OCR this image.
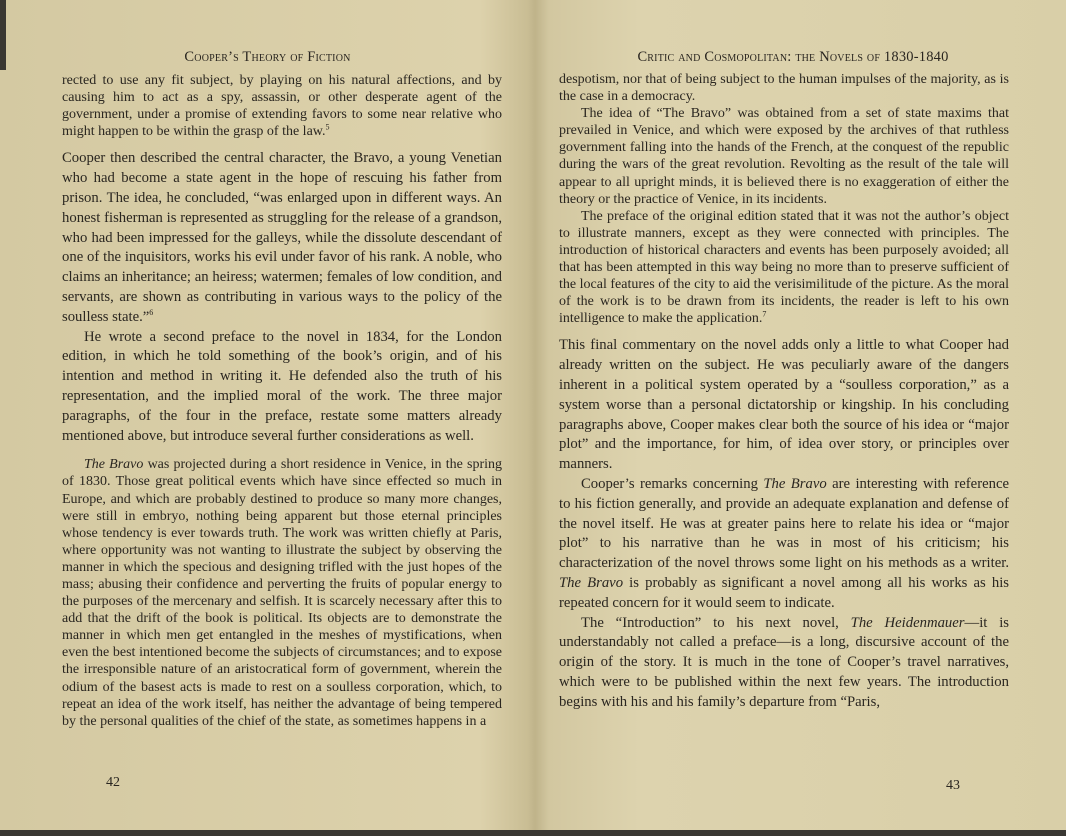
Cooper’s Theory of Fiction

rected to use any fit subject, by playing on his natural affections, and by causing him to act as a spy, assassin, or other desperate agent of the government, under a promise of extending favors to some near relative who might happen to be within the grasp of the law.$^5$

Cooper then described the central character, the Bravo, a young Venetian who had become a state agent in the hope of rescuing his father from prison. The idea, he concluded, “was enlarged upon in different ways. An honest fisherman is represented as struggling for the release of a grandson, who had been impressed for the galleys, while the dissolute descendant of one of the inquisitors, works his evil under favor of his rank. A noble, who claims an inheritance; an heiress; watermen; females of low condition, and servants, are shown as contributing in various ways to the policy of the soulless state.”$^6$

He wrote a second preface to the novel in 1834, for the London edition, in which he told something of the book’s origin, and of his intention and method in writing it. He defended also the truth of his representation, and the implied moral of the work. The three major paragraphs, of the four in the preface, restate some matters already mentioned above, but introduce several further considerations as well.

The Bravo was projected during a short residence in Venice, in the spring of 1830. Those great political events which have since effected so much in Europe, and which are probably destined to produce so many more changes, were still in embryo, nothing being apparent but those eternal principles whose tendency is ever towards truth. The work was written chiefly at Paris, where opportunity was not wanting to illustrate the subject by observing the manner in which the specious and designing trifled with the just hopes of the mass; abusing their confidence and perverting the fruits of popular energy to the purposes of the mercenary and selfish. It is scarcely necessary after this to add that the drift of the book is political. Its objects are to demonstrate the manner in which men get entangled in the meshes of mystifications, when even the best intentioned become the subjects of circumstances; and to expose the irresponsible nature of an aristocratical form of government, wherein the odium of the basest acts is made to rest on a soulless corporation, which, to repeat an idea of the work itself, has neither the advantage of being tempered by the personal qualities of the chief of the state, as sometimes happens in a

42
Critic and Cosmopolitan: the Novels of 1830-1840

despotism, nor that of being subject to the human impulses of the majority, as is the case in a democracy.

The idea of “The Bravo” was obtained from a set of state maxims that prevailed in Venice, and which were exposed by the archives of that ruthless government falling into the hands of the French, at the conquest of the republic during the wars of the great revolution. Revolting as the result of the tale will appear to all upright minds, it is believed there is no exaggeration of either the theory or the practice of Venice, in its incidents.

The preface of the original edition stated that it was not the author’s object to illustrate manners, except as they were connected with principles. The introduction of historical characters and events has been purposely avoided; all that has been attempted in this way being no more than to preserve sufficient of the local features of the city to aid the verisimilitude of the picture. As the moral of the work is to be drawn from its incidents, the reader is left to his own intelligence to make the application.$^7$

This final commentary on the novel adds only a little to what Cooper had already written on the subject. He was peculiarly aware of the dangers inherent in a political system operated by a “soulless corporation,” as a system worse than a personal dictatorship or kingship. In his concluding paragraphs above, Cooper makes clear both the source of his idea or “major plot” and the importance, for him, of idea over story, or principles over manners.

Cooper’s remarks concerning The Bravo are interesting with reference to his fiction generally, and provide an adequate explanation and defense of the novel itself. He was at greater pains here to relate his idea or “major plot” to his narrative than he was in most of his criticism; his characterization of the novel throws some light on his methods as a writer. The Bravo is probably as significant a novel among all his works as his repeated concern for it would seem to indicate.

The “Introduction” to his next novel, The Heidenmauer—it is understandably not called a preface—is a long, discursive account of the origin of the story. It is much in the tone of Cooper’s travel narratives, which were to be published within the next few years. The introduction begins with his and his family’s departure from “Paris,

43
